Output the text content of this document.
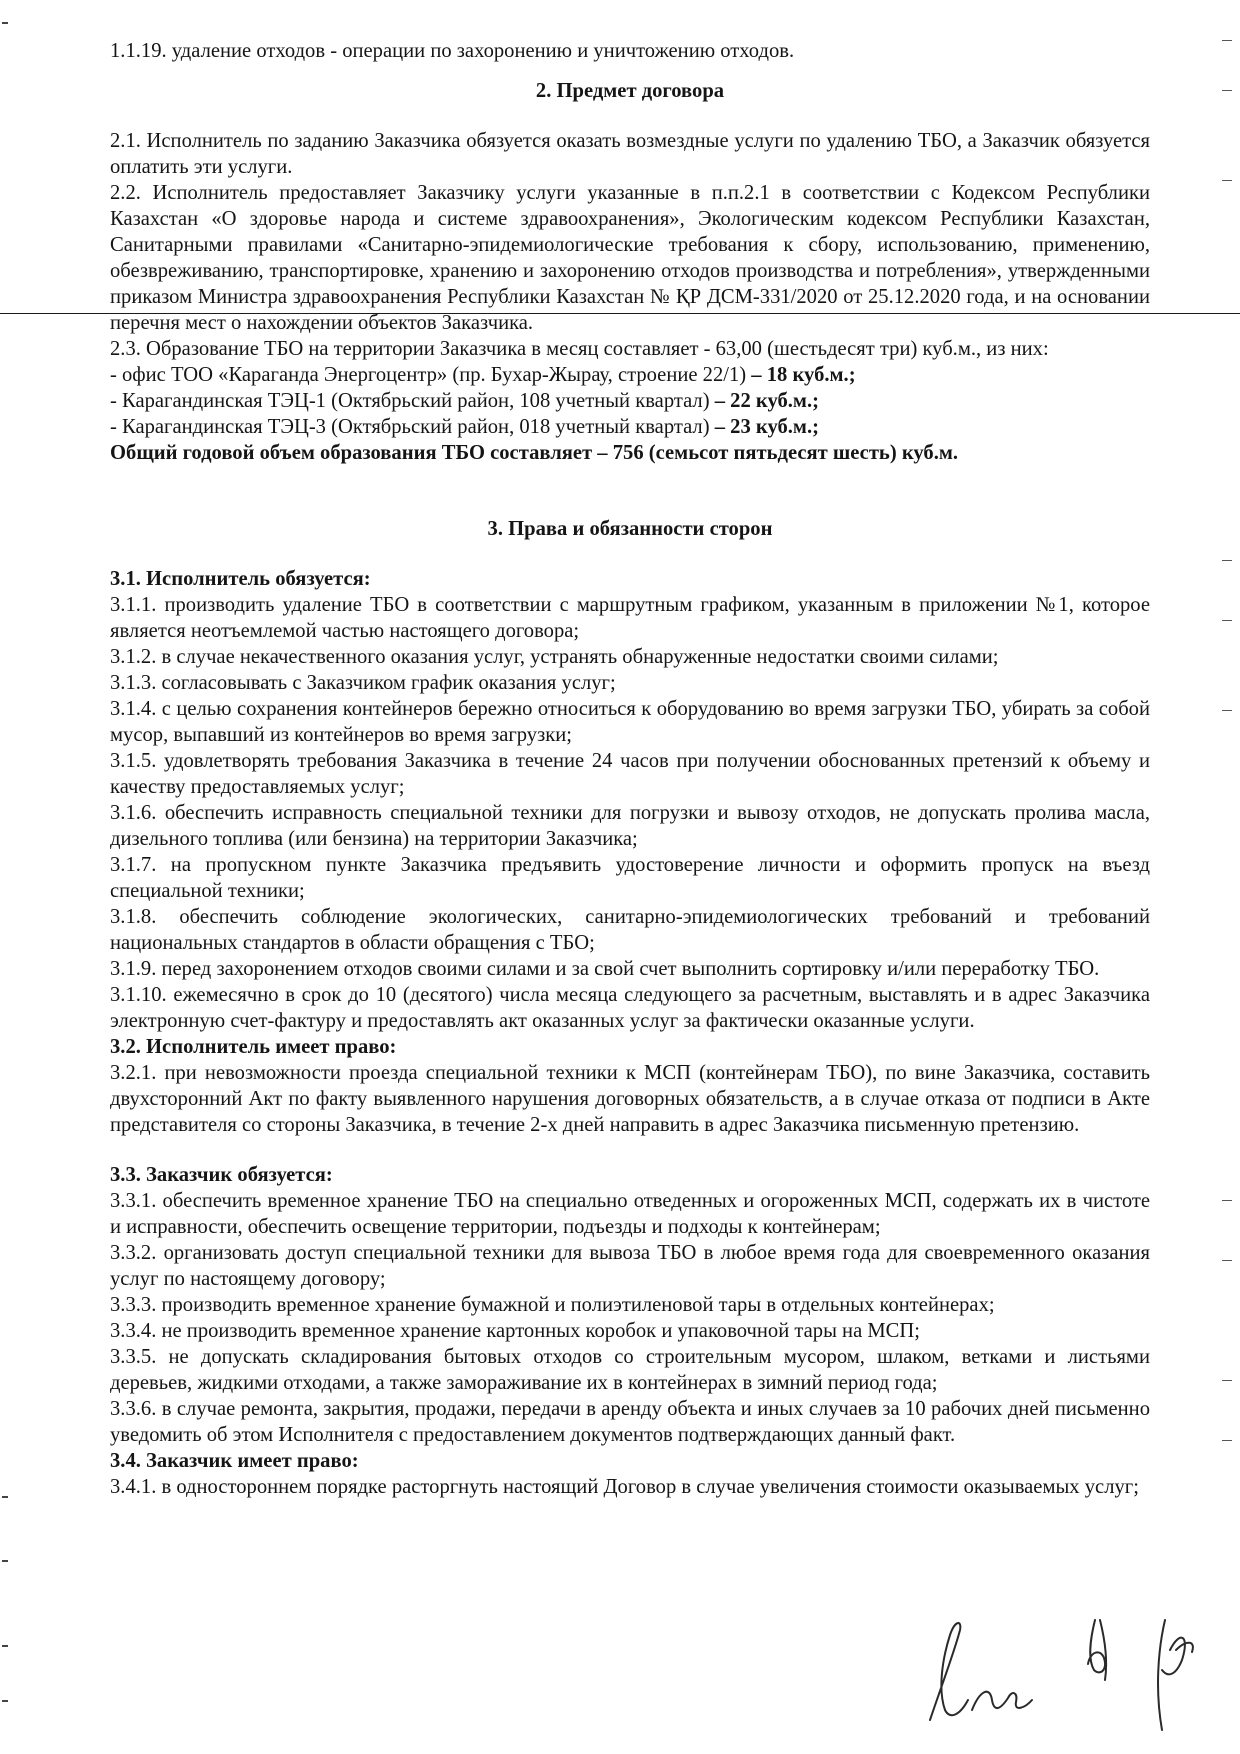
1.1.19. удаление отходов - операции по захоронению и уничтожению отходов.

2. Предмет договора

2.1. Исполнитель по заданию Заказчика обязуется оказать возмездные услуги по удалению ТБО, а Заказчик обязуется оплатить эти услуги.

2.2. Исполнитель предоставляет Заказчику услуги указанные в п.п.2.1 в соответствии с Кодексом Республики Казахстан «О здоровье народа и системе здравоохранения», Экологическим кодексом Республики Казахстан, Санитарными правилами «Санитарно-эпидемиологические требования к сбору, использованию, применению, обезвреживанию, транспортировке, хранению и захоронению отходов производства и потребления», утвержденными приказом Министра здравоохранения Республики Казахстан № ҚР ДСМ-331/2020 от 25.12.2020 года, и на основании перечня мест о нахождении объектов Заказчика.

2.3. Образование ТБО на территории Заказчика в месяц составляет - 63,00 (шестьдесят три) куб.м., из них:

- офис ТОО «Караганда Энергоцентр» (пр. Бухар-Жырау, строение 22/1) – 18 куб.м.;

- Карагандинская ТЭЦ-1 (Октябрьский район, 108 учетный квартал) – 22 куб.м.;

- Карагандинская ТЭЦ-3 (Октябрьский район, 018 учетный квартал) – 23 куб.м.;

Общий годовой объем образования ТБО составляет – 756 (семьсот пятьдесят шесть) куб.м.

3. Права и обязанности сторон

3.1. Исполнитель обязуется:

3.1.1. производить удаление ТБО в соответствии с маршрутным графиком, указанным в приложении №1, которое является неотъемлемой частью настоящего договора;

3.1.2. в случае некачественного оказания услуг, устранять обнаруженные недостатки своими силами;

3.1.3. согласовывать с Заказчиком график оказания услуг;

3.1.4. с целью сохранения контейнеров бережно относиться к оборудованию во время загрузки ТБО, убирать за собой мусор, выпавший из контейнеров во время загрузки;

3.1.5. удовлетворять требования Заказчика в течение 24 часов при получении обоснованных претензий к объему и качеству предоставляемых услуг;

3.1.6. обеспечить исправность специальной техники для погрузки и вывозу отходов, не допускать пролива масла, дизельного топлива (или бензина) на территории Заказчика;

3.1.7. на пропускном пункте Заказчика предъявить удостоверение личности и оформить пропуск на въезд специальной техники;

3.1.8. обеспечить соблюдение экологических, санитарно-эпидемиологических требований и требований национальных стандартов в области обращения с ТБО;

3.1.9. перед захоронением отходов своими силами и за свой счет выполнить сортировку и/или переработку ТБО.

3.1.10. ежемесячно в срок до 10 (десятого) числа месяца следующего за расчетным, выставлять и в адрес Заказчика электронную счет-фактуру и предоставлять акт оказанных услуг за фактически оказанные услуги.

3.2. Исполнитель имеет право:

3.2.1. при невозможности проезда специальной техники к МСП (контейнерам ТБО), по вине Заказчика, составить двухсторонний Акт по факту выявленного нарушения договорных обязательств, а в случае отказа от подписи в Акте представителя со стороны Заказчика, в течение 2-х дней направить в адрес Заказчика письменную претензию.

3.3. Заказчик обязуется:

3.3.1. обеспечить временное хранение ТБО на специально отведенных и огороженных МСП, содержать их в чистоте и исправности, обеспечить освещение территории, подъезды и подходы к контейнерам;

3.3.2. организовать доступ специальной техники для вывоза ТБО в любое время года для своевременного оказания услуг по настоящему договору;

3.3.3. производить временное хранение бумажной и полиэтиленовой тары в отдельных контейнерах;

3.3.4. не производить временное хранение картонных коробок и упаковочной тары на МСП;

3.3.5. не допускать складирования бытовых отходов со строительным мусором, шлаком, ветками и листьями деревьев, жидкими отходами, а также замораживание их в контейнерах в зимний период года;

3.3.6. в случае ремонта, закрытия, продажи, передачи в аренду объекта и иных случаев за 10 рабочих дней письменно уведомить об этом Исполнителя с предоставлением документов подтверждающих данный факт.

3.4. Заказчик имеет право:

3.4.1. в одностороннем порядке расторгнуть настоящий Договор в случае увеличения стоимости оказываемых услуг;
